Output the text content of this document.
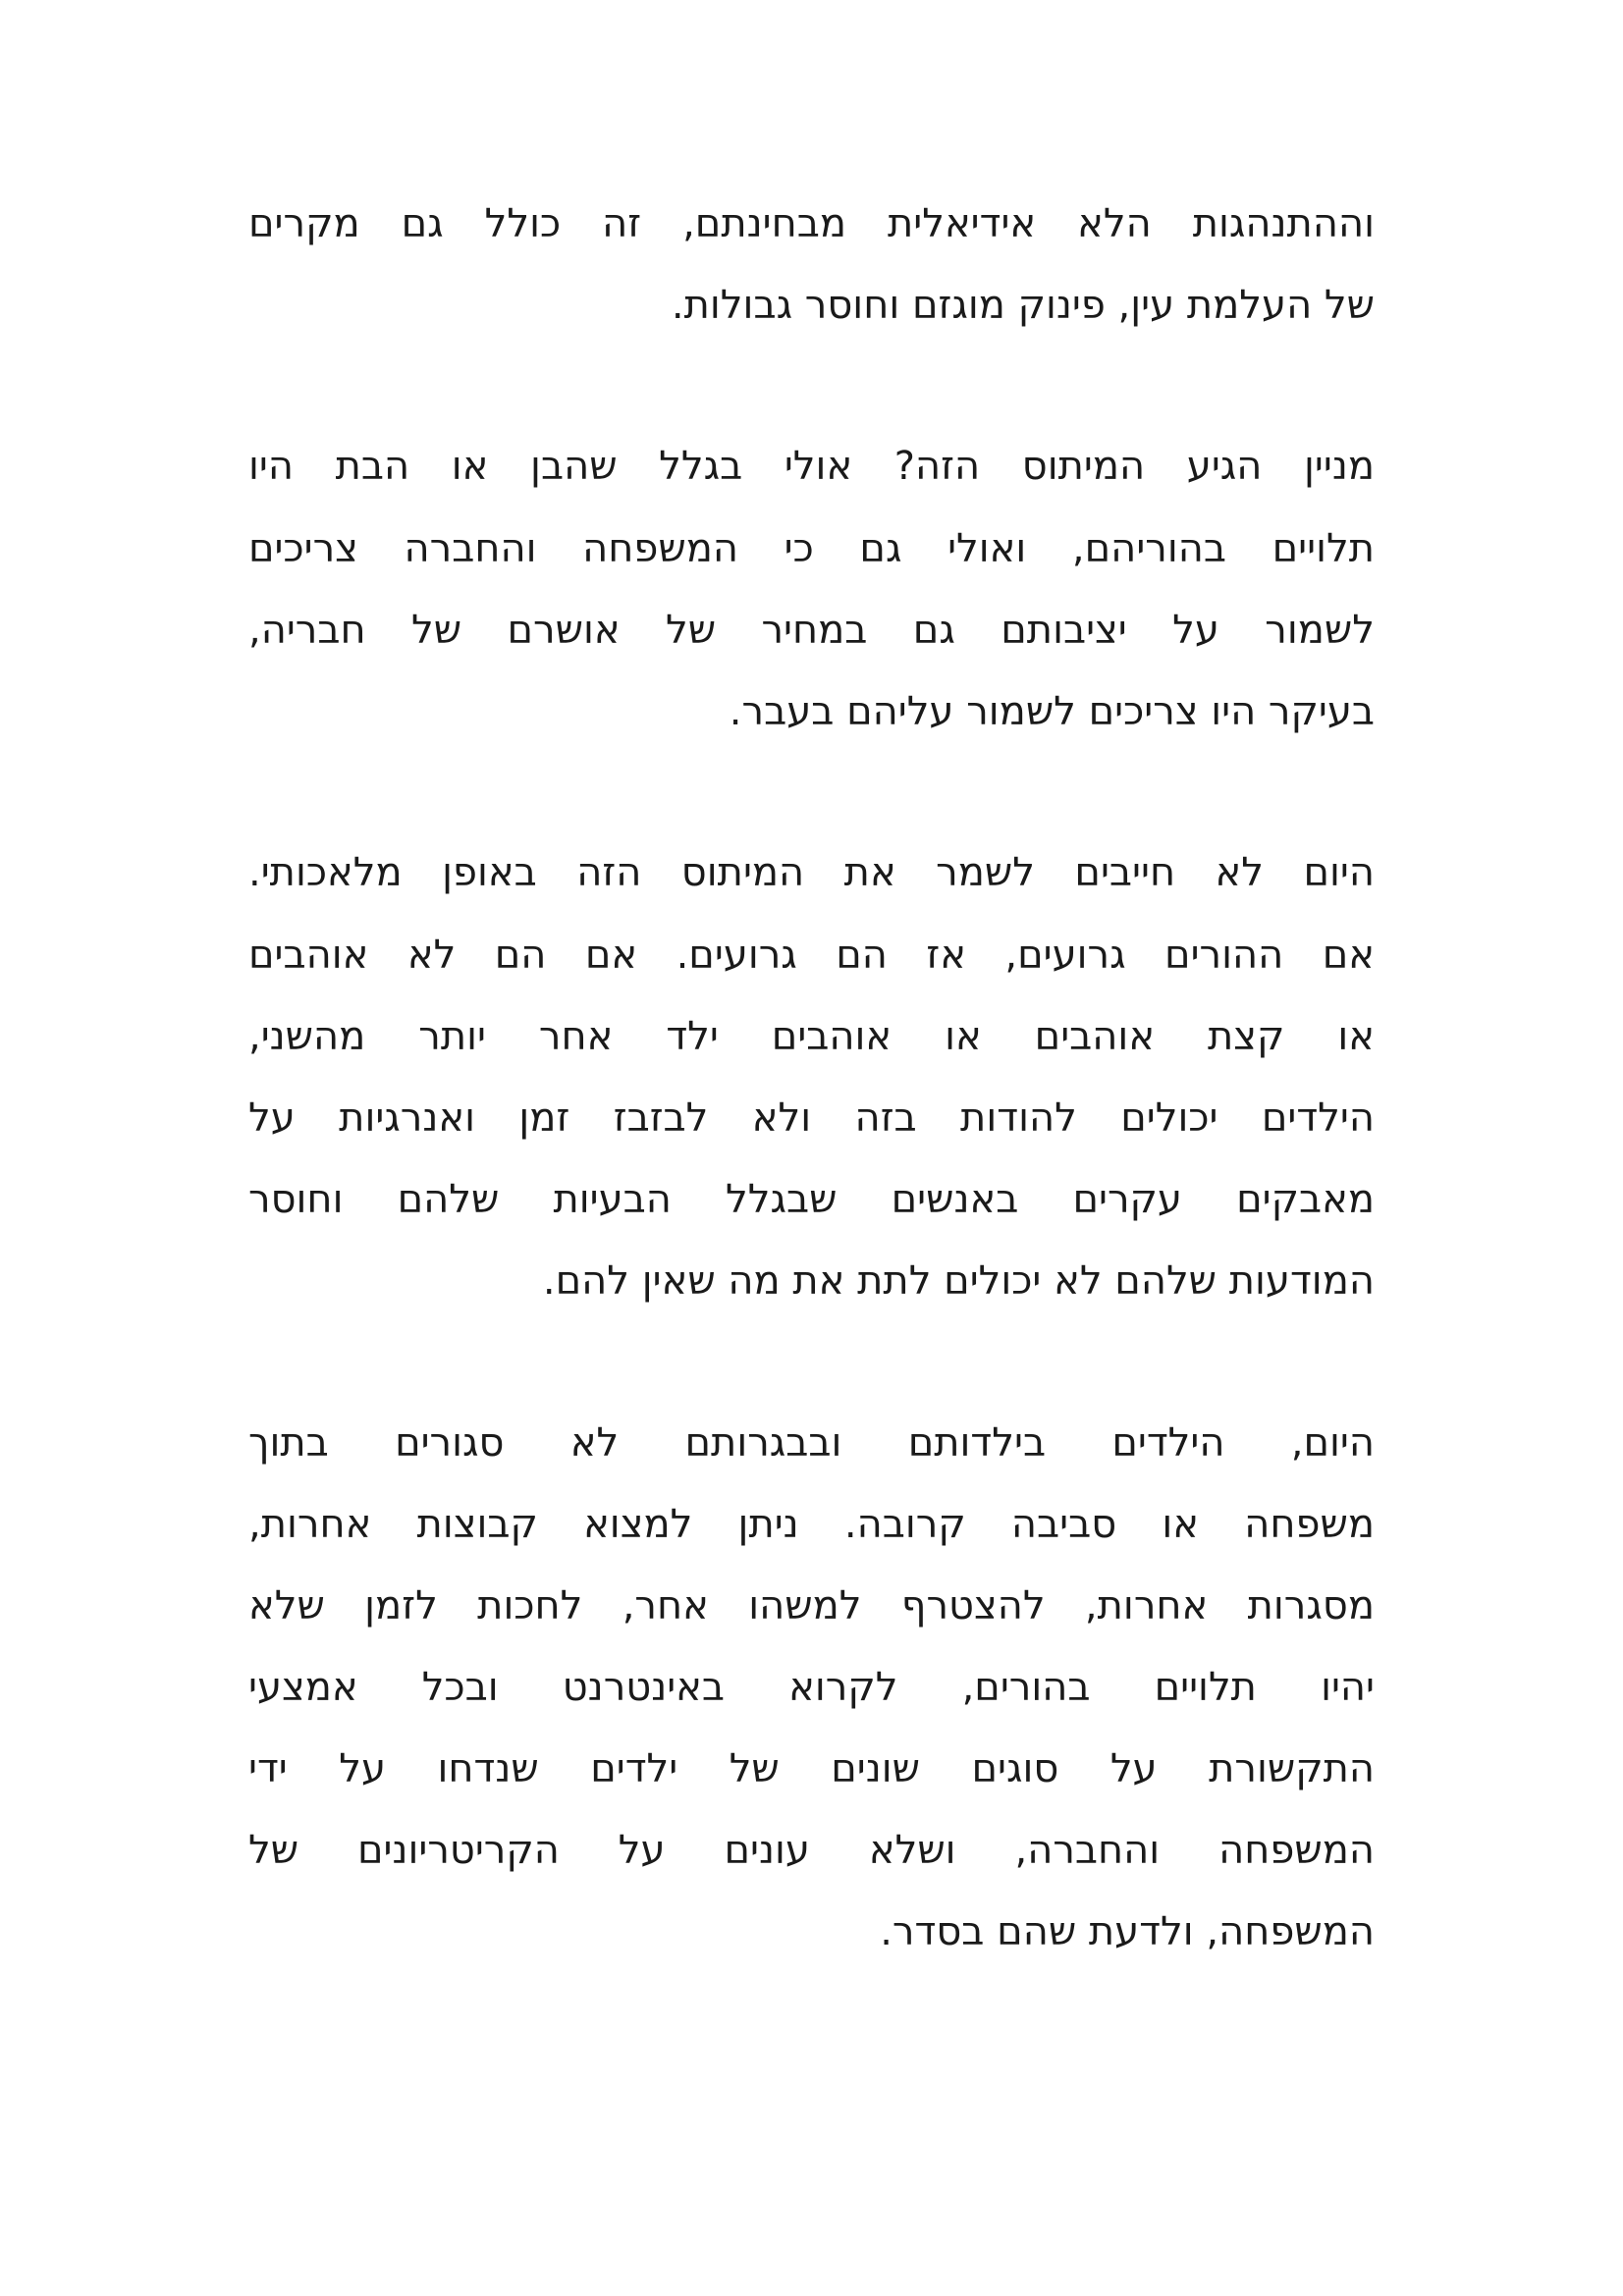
וההתנהגות הלא אידיאלית מבחינתם, זה כולל גם מקרים
של העלמת עין, פינוק מוגזם וחוסר גבולות.
מניין הגיע המיתוס הזה? אולי בגלל שהבן או הבת היו
תלויים בהוריהם, ואולי גם כי המשפחה והחברה צריכים
לשמור על יציבותם גם במחיר של אושרם של חבריה,
בעיקר היו צריכים לשמור עליהם בעבר.
היום לא חייבים לשמר את המיתוס הזה באופן מלאכותי.
אם ההורים גרועים, אז הם גרועים. אם הם לא אוהבים
או קצת אוהבים או אוהבים ילד אחר יותר מהשני,
הילדים יכולים להודות בזה ולא לבזבז זמן ואנרגיות על
מאבקים עקרים באנשים שבגלל הבעיות שלהם וחוסר
המודעות שלהם לא יכולים לתת את מה שאין להם.
היום, הילדים בילדותם ובבגרותם לא סגורים בתוך
משפחה או סביבה קרובה. ניתן למצוא קבוצות אחרות,
מסגרות אחרות, להצטרף למשהו אחר, לחכות לזמן שלא
יהיו תלויים בהורים, לקרוא באינטרנט ובכל אמצעי
התקשורת על סוגים שונים של ילדים שנדחו על ידי
המשפחה והחברה, ושלא עונים על הקריטריונים של
המשפחה, ולדעת שהם בסדר.
